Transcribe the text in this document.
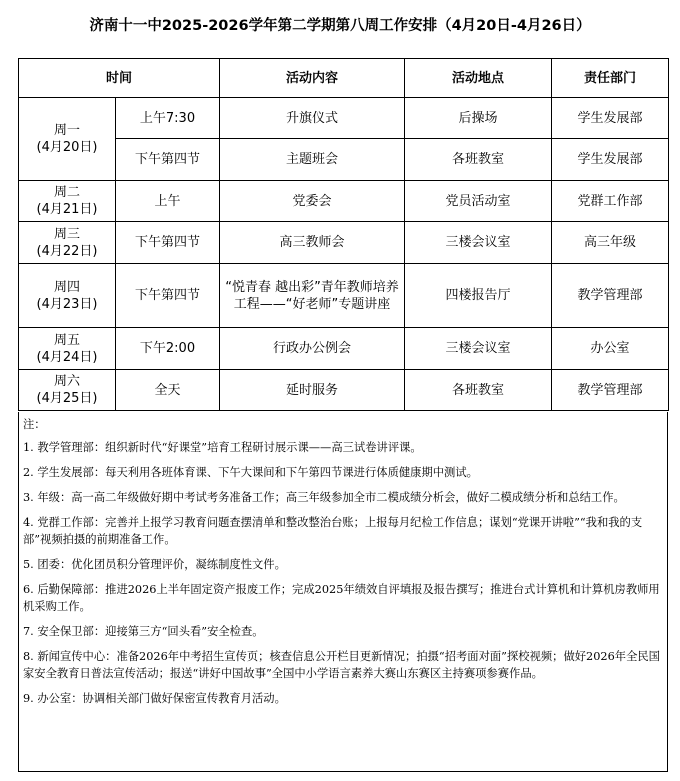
济南十一中2025-2026学年第二学期第八周工作安排（4月20日-4月26日）
时间		活动内容	活动地点	责任部门

周一
(4月20日)	上午7:30	升旗仪式	后操场	学生发展部
	下午第四节	主题班会	各班教室	学生发展部

周二
(4月21日)	上午	党委会	党员活动室	党群工作部

周三
(4月22日)	下午第四节	高三教师会	三楼会议室	高三年级

周四
(4月23日)	下午第四节	“悦青春 越出彩”青年教师培养工程——“好老师”专题讲座	四楼报告厅	教学管理部

周五
(4月24日)	下午2:00	行政办公例会	三楼会议室	办公室

周六
(4月25日)	全天	延时服务	各班教室	教学管理部
注：
1. 教学管理部：组织新时代“好课堂”培育工程研讨展示课——高三试卷讲评课。
2. 学生发展部：每天利用各班体育课、下午大课间和下午第四节课进行体质健康期中测试。
3. 年级：高一高二年级做好期中考试考务准备工作；高三年级参加全市二模成绩分析会，做好二模成绩分析和总结工作。
4. 党群工作部：完善并上报学习教育问题查摆清单和整改整治台账；上报每月纪检工作信息；谋划“党课开讲啦”“我和我的支部”视频拍摄的前期准备工作。
5. 团委：优化团员积分管理评价，凝练制度性文件。
6. 后勤保障部：推进2026上半年固定资产报废工作；完成2025年绩效自评填报及报告撰写；推进台式计算机和计算机房教师用机采购工作。
7. 安全保卫部：迎接第三方“回头看”安全检查。
8. 新闻宣传中心：准备2026年中考招生宣传页；核查信息公开栏目更新情况；拍摄“招考面对面”探校视频；做好2026年全民国家安全教育日普法宣传活动；报送“讲好中国故事”全国中小学语言素养大赛山东赛区主持赛项参赛作品。
9. 办公室：协调相关部门做好保密宣传教育月活动。
